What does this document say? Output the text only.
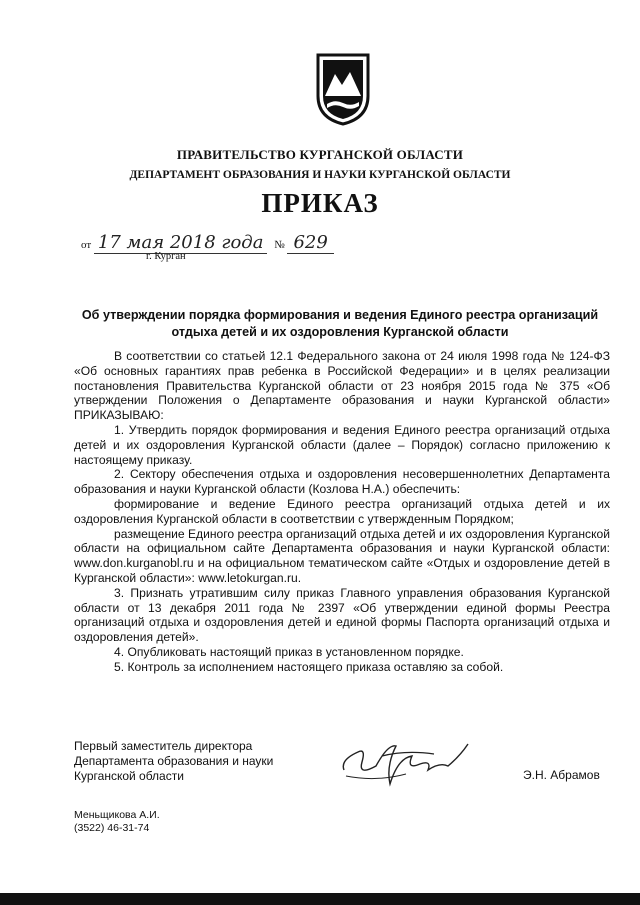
ПРАВИТЕЛЬСТВО КУРГАНСКОЙ ОБЛАСТИ
ДЕПАРТАМЕНТ ОБРАЗОВАНИЯ И НАУКИ КУРГАНСКОЙ ОБЛАСТИ
ПРИКАЗ
от 17 мая 2018 года № 629
г. Курган
Об утверждении порядка формирования и ведения Единого реестра организаций отдыха детей и их оздоровления Курганской области

В соответствии со статьей 12.1 Федерального закона от 24 июля 1998 года № 124-ФЗ «Об основных гарантиях прав ребенка в Российской Федерации» и в целях реализации постановления Правительства Курганской области от 23 ноября 2015 года № 375 «Об утверждении Положения о Департаменте образования и науки Курганской области» ПРИКАЗЫВАЮ:

1. Утвердить порядок формирования и ведения Единого реестра организаций отдыха детей и их оздоровления Курганской области (далее – Порядок) согласно приложению к настоящему приказу.

2. Сектору обеспечения отдыха и оздоровления несовершеннолетних Департамента образования и науки Курганской области (Козлова Н.А.) обеспечить:

формирование и ведение Единого реестра организаций отдыха детей и их оздоровления Курганской области в соответствии с утвержденным Порядком;

размещение Единого реестра организаций отдыха детей и их оздоровления Курганской области на официальном сайте Департамента образования и науки Курганской области: www.don.kurganobl.ru и на официальном тематическом сайте «Отдых и оздоровление детей в Курганской области»: www.letokurgan.ru.

3. Признать утратившим силу приказ Главного управления образования Курганской области от 13 декабря 2011 года № 2397 «Об утверждении единой формы Реестра организаций отдыха и оздоровления детей и единой формы Паспорта организаций отдыха и оздоровления детей».

4. Опубликовать настоящий приказ в установленном порядке.

5. Контроль за исполнением настоящего приказа оставляю за собой.

Первый заместитель директора
Департамента образования и науки
Курганской области	Э.Н. Абрамов
Меньщикова А.И.
(3522) 46-31-74
